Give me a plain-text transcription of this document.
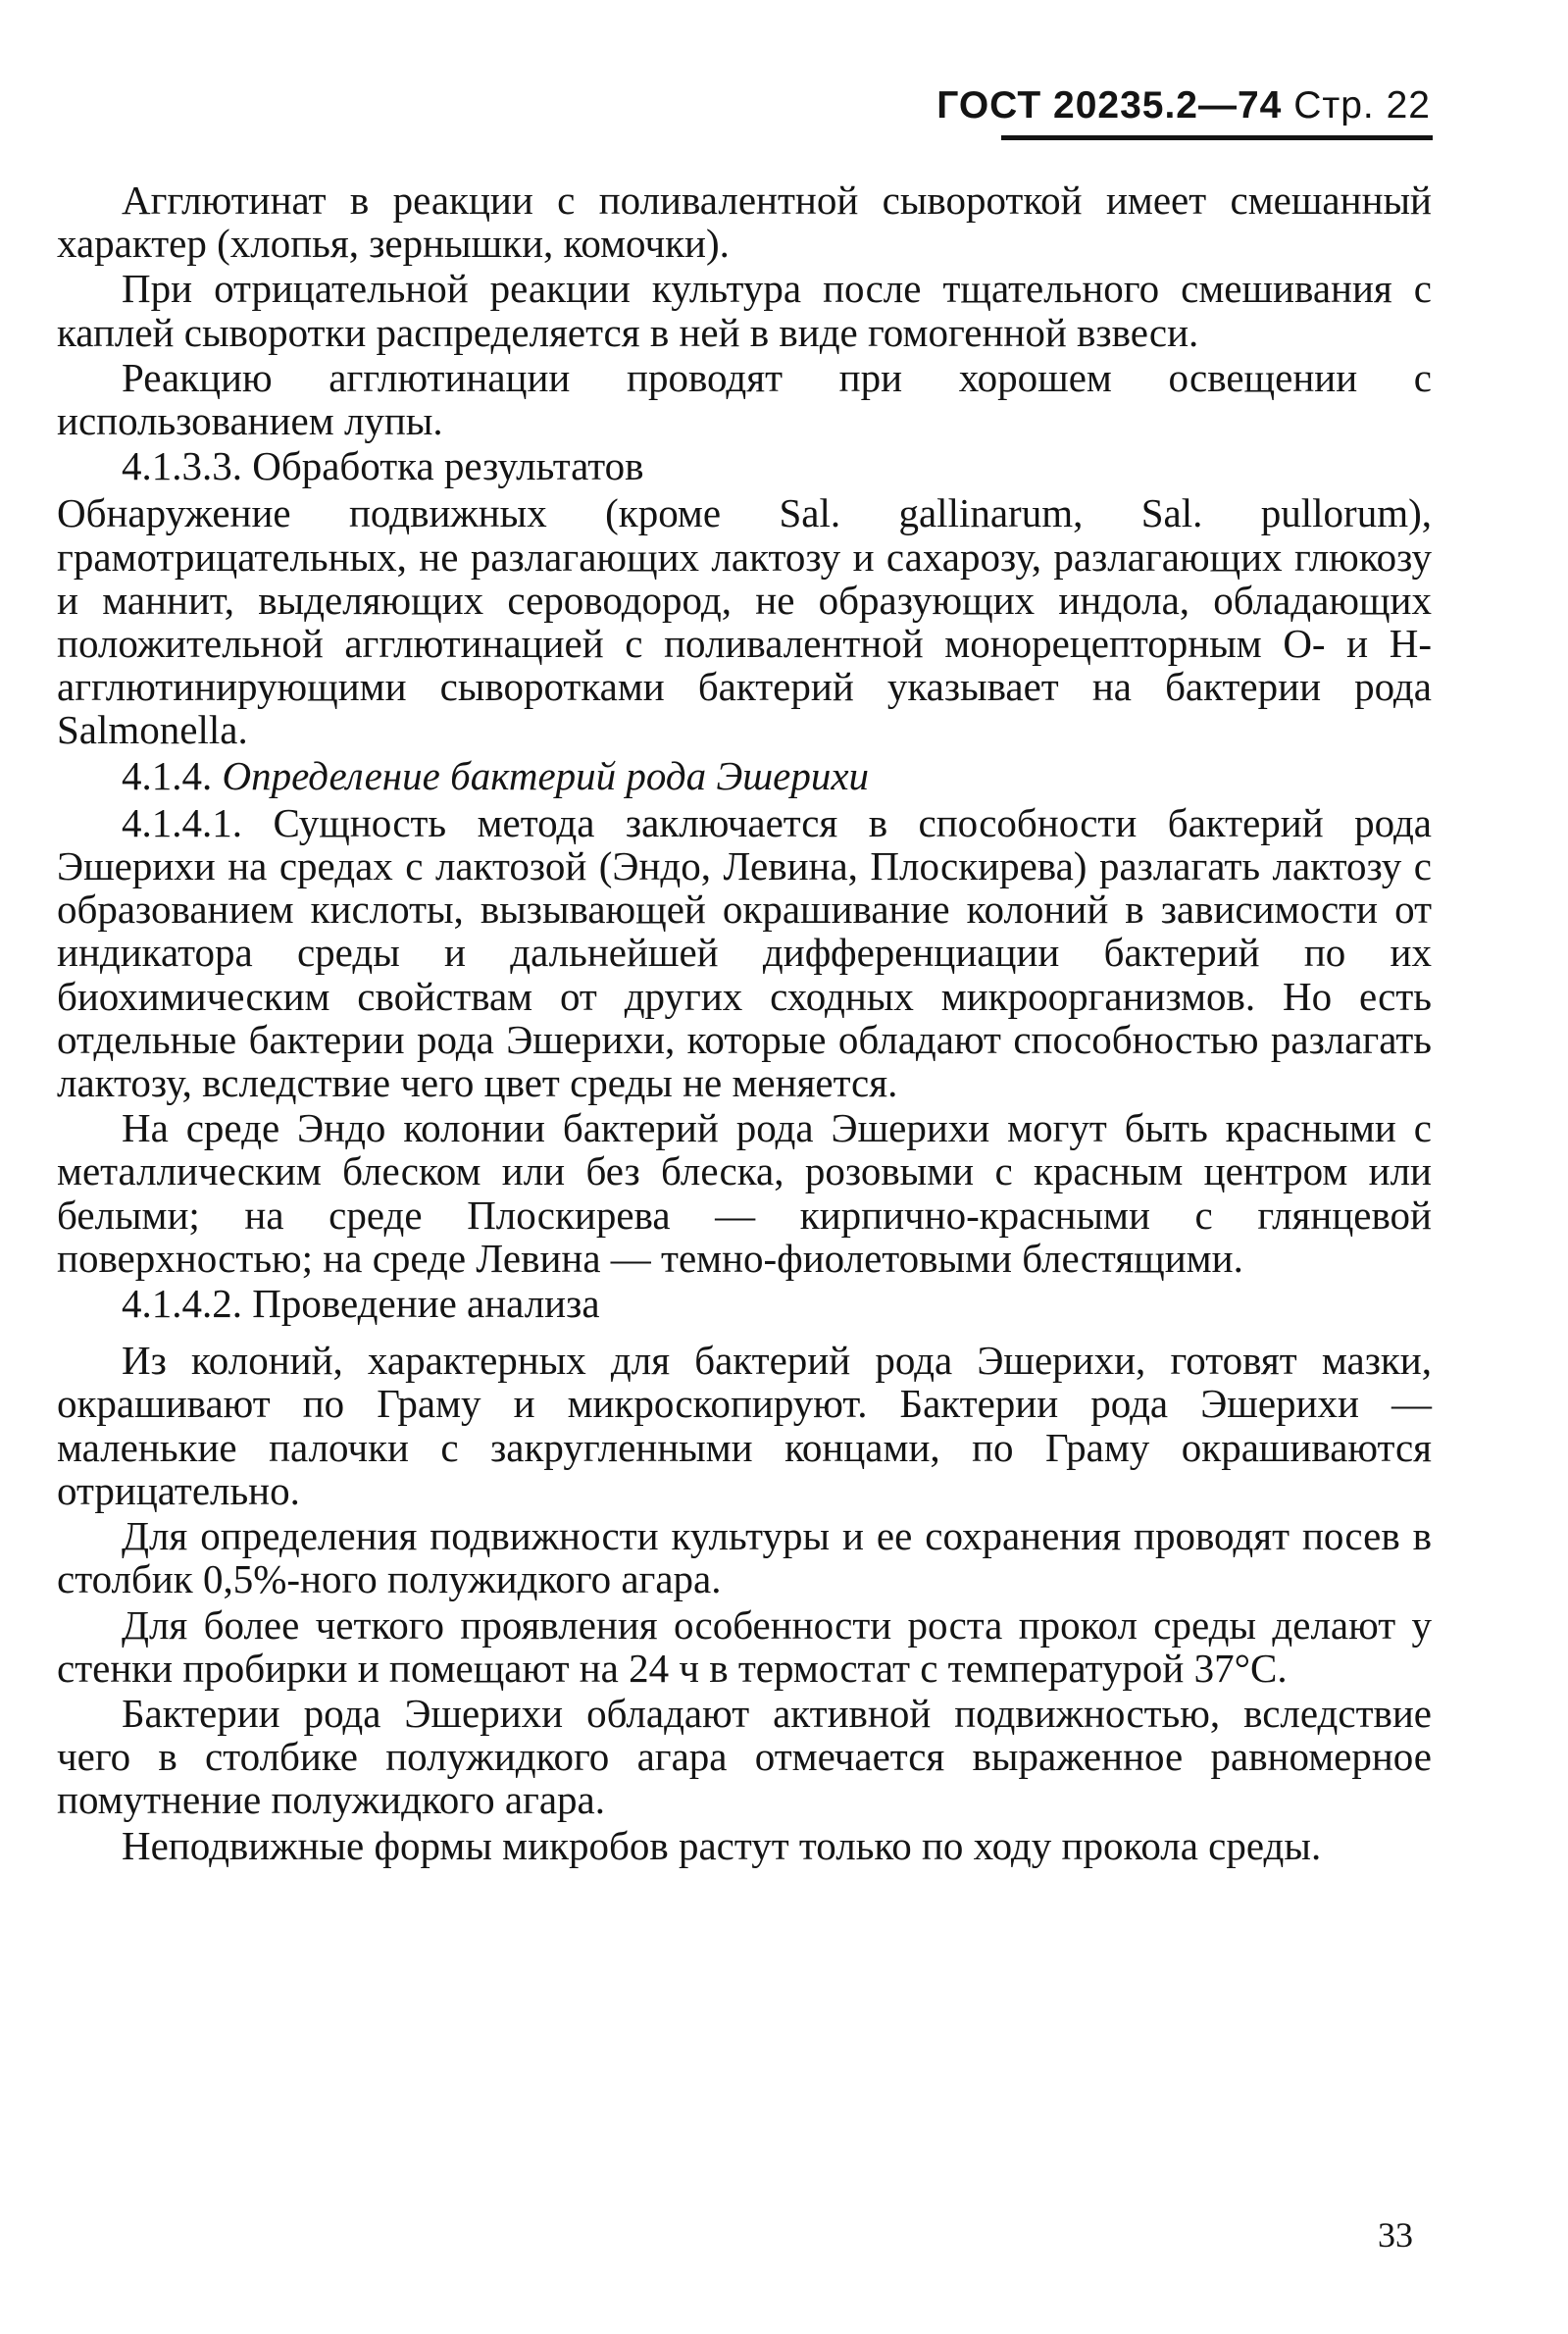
ГОСТ 20235.2—74 Стр. 22

Агглютинат в реакции с поливалентной сывороткой имеет смешанный характер (хлопья, зернышки, комочки).

При отрицательной реакции культура после тщательного смешивания с каплей сыворотки распределяется в ней в виде гомогенной взвеси.

Реакцию агглютинации проводят при хорошем освещении с использованием лупы.

4.1.3.3. Обработка результатов

Обнаружение подвижных (кроме Sal. gallinarum, Sal. pullorum), грамотрицательных, не разлагающих лактозу и сахарозу, разлагающих глюкозу и маннит, выделяющих сероводород, не образующих индола, обладающих положительной агглютинацией с поливалентной монорецепторным О- и Н-агглютинирующими сыворотками бактерий указывает на бактерии рода Salmonella.

4.1.4. Определение бактерий рода Эшерихи

4.1.4.1. Сущность метода заключается в способности бактерий рода Эшерихи на средах с лактозой (Эндо, Левина, Плоскирева) разлагать лактозу с образованием кислоты, вызывающей окрашивание колоний в зависимости от индикатора среды и дальнейшей дифференциации бактерий по их биохимическим свойствам от других сходных микроорганизмов. Но есть отдельные бактерии рода Эшерихи, которые обладают способностью разлагать лактозу, вследствие чего цвет среды не меняется.

На среде Эндо колонии бактерий рода Эшерихи могут быть красными с металлическим блеском или без блеска, розовыми с красным центром или белыми; на среде Плоскирева — кирпично-красными с глянцевой поверхностью; на среде Левина — темно-фиолетовыми блестящими.

4.1.4.2. Проведение анализа

Из колоний, характерных для бактерий рода Эшерихи, готовят мазки, окрашивают по Граму и микроскопируют. Бактерии рода Эшерихи — маленькие палочки с закругленными концами, по Граму окрашиваются отрицательно.

Для определения подвижности культуры и ее сохранения проводят посев в столбик 0,5%-ного полужидкого агара.

Для более четкого проявления особенности роста прокол среды делают у стенки пробирки и помещают на 24 ч в термостат с температурой 37°С.

Бактерии рода Эшерихи обладают активной подвижностью, вследствие чего в столбике полужидкого агара отмечается выраженное равномерное помутнение полужидкого агара.

Неподвижные формы микробов растут только по ходу прокола среды.

33
